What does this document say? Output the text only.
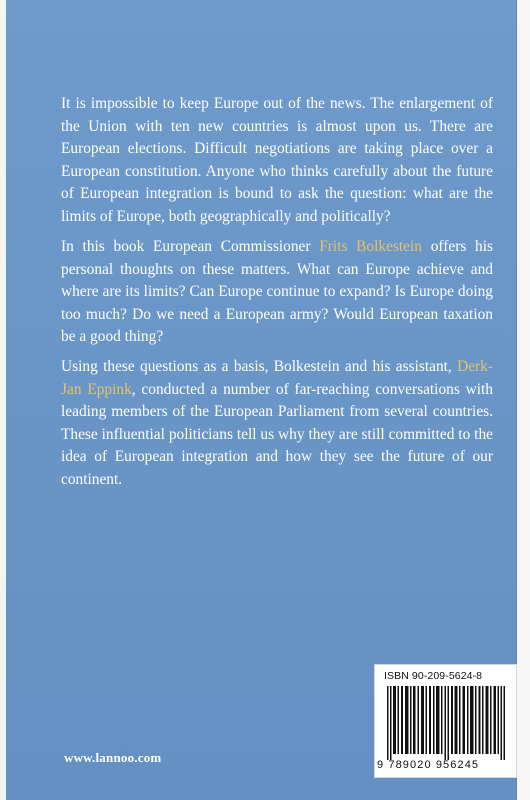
It is impossible to keep Europe out of the news. The enlargement of the Union with ten new countries is almost upon us. There are European elections. Difficult negotiations are taking place over a European constitution. Anyone who thinks carefully about the future of European integration is bound to ask the question: what are the limits of Europe, both geographically and politically?

In this book European Commissioner Frits Bolkestein offers his personal thoughts on these matters. What can Europe achieve and where are its limits? Can Europe continue to expand? Is Europe doing too much? Do we need a European army? Would European taxation be a good thing?

Using these questions as a basis, Bolkestein and his assistant, Derk-Jan Eppink, conducted a number of far-reaching conversations with leading members of the European Parliament from several countries. These influential politicians tell us why they are still committed to the idea of European integration and how they see the future of our continent.

www.lannoo.com
ISBN 90-209-5624-8
9 789020 956245
